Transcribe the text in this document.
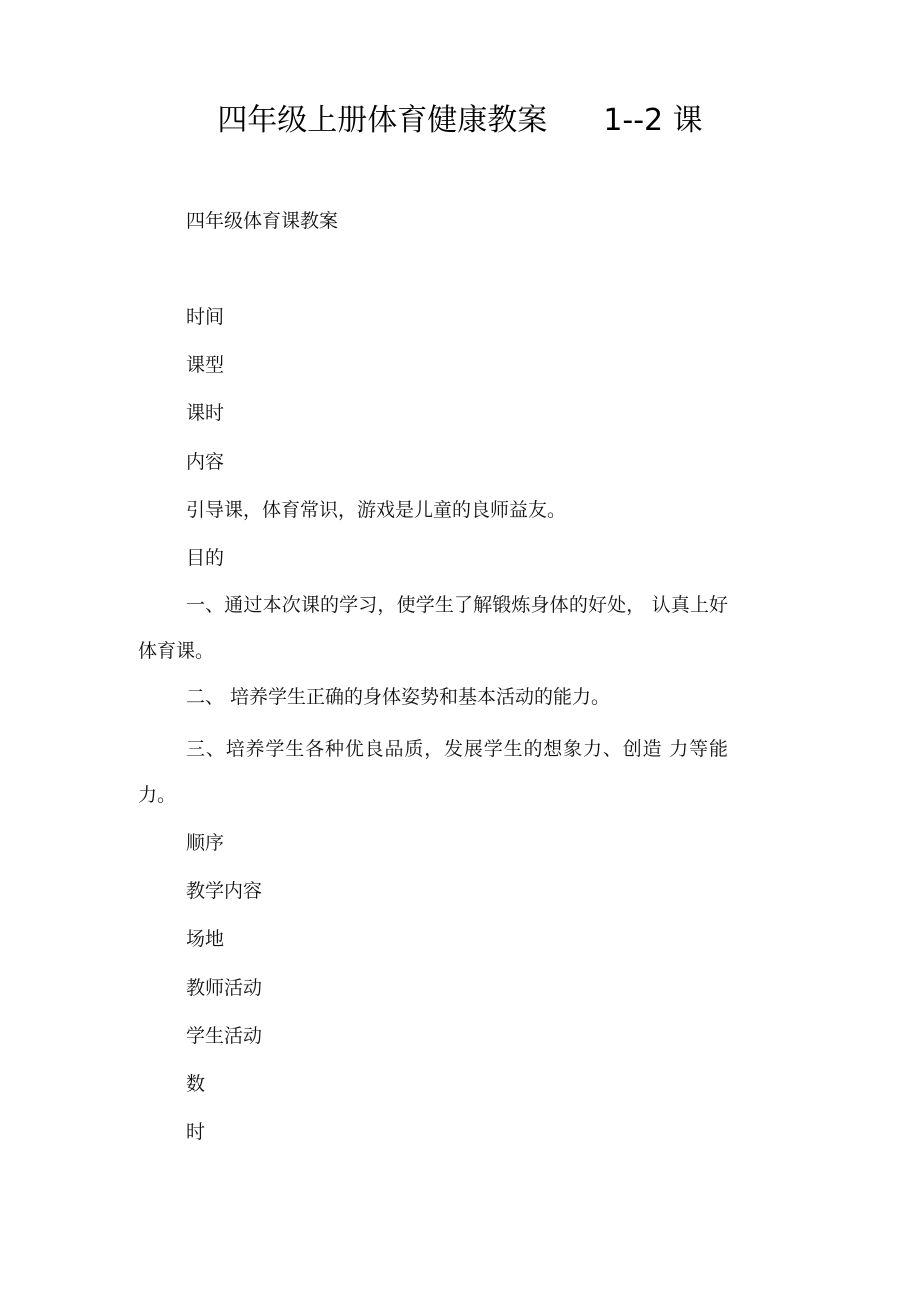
四年级上册体育健康教案 1--2 课
四年级体育课教案
时间
课型
课时
内容
引导课，体育常识，游戏是儿童的良师益友。
目的
一、通过本次课的学习，使学生了解锻炼身体的好处， 认真上好体育课。
二、 培养学生正确的身体姿势和基本活动的能力。
三、培养学生各种优良品质，发展学生的想象力、创造 力等能力。
顺序
教学内容
场地
教师活动
学生活动
数
时
